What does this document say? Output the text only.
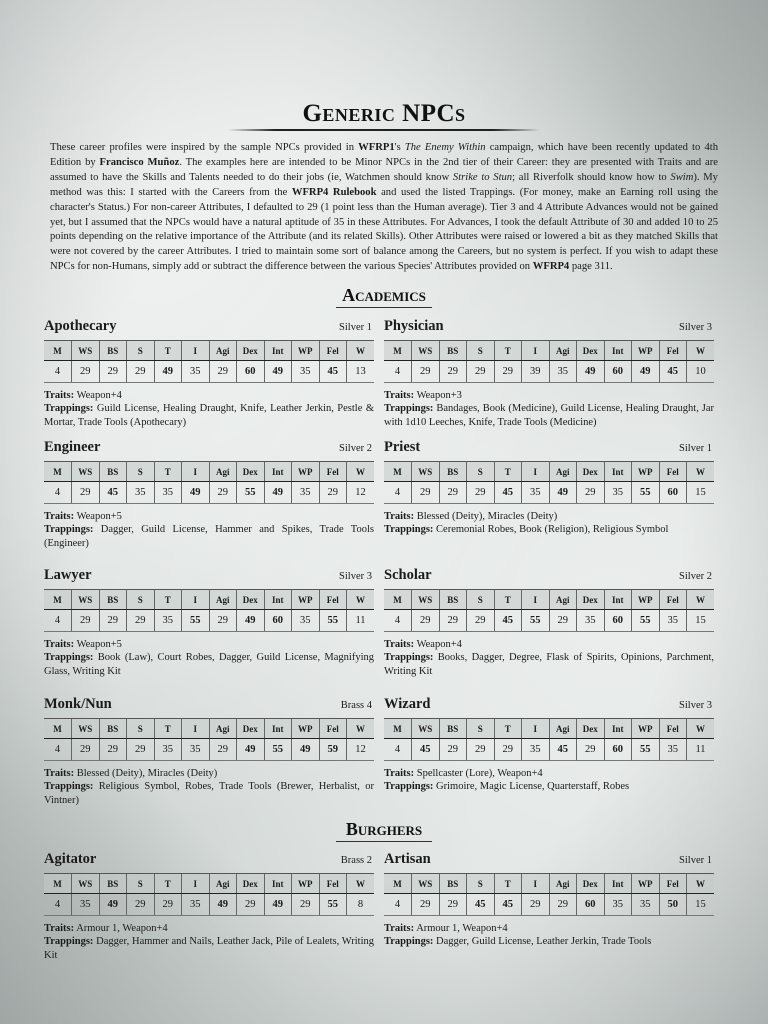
Generic NPCs
These career profiles were inspired by the sample NPCs provided in WFRP1's The Enemy Within campaign, which have been recently updated to 4th Edition by Francisco Muñoz. The examples here are intended to be Minor NPCs in the 2nd tier of their Career: they are presented with Traits and are assumed to have the Skills and Talents needed to do their jobs (ie, Watchmen should know Strike to Stun; all Riverfolk should know how to Swim). My method was this: I started with the Careers from the WFRP4 Rulebook and used the listed Trappings. (For money, make an Earning roll using the character's Status.) For non-career Attributes, I defaulted to 29 (1 point less than the Human average). Tier 3 and 4 Attribute Advances would not be gained yet, but I assumed that the NPCs would have a natural aptitude of 35 in these Attributes. For Advances, I took the default Attribute of 30 and added 10 to 25 points depending on the relative importance of the Attribute (and its related Skills). Other Attributes were raised or lowered a bit as they matched Skills that were not covered by the career Attributes. I tried to maintain some sort of balance among the Careers, but no system is perfect. If you wish to adapt these NPCs for non-Humans, simply add or subtract the difference between the various Species' Attributes provided on WFRP4 page 311.
Academics
Burghers
Apothecary	Silver 1
M	WS	BS	S	T	I	Agi	Dex	Int	WP	Fel	W
4	29	29	29	49	35	29	60	49	35	45	13
Traits: Weapon+4
Trappings: Guild License, Healing Draught, Knife, Leather Jerkin, Pestle & Mortar, Trade Tools (Apothecary)
Physician	Silver 3
M	WS	BS	S	T	I	Agi	Dex	Int	WP	Fel	W
4	29	29	29	29	39	35	49	60	49	45	10
Traits: Weapon+3
Trappings: Bandages, Book (Medicine), Guild License, Healing Draught, Jar with 1d10 Leeches, Knife, Trade Tools (Medicine)
Engineer	Silver 2
M	WS	BS	S	T	I	Agi	Dex	Int	WP	Fel	W
4	29	45	35	35	49	29	55	49	35	29	12
Traits: Weapon+5
Trappings: Dagger, Guild License, Hammer and Spikes, Trade Tools (Engineer)
Priest	Silver 1
M	WS	BS	S	T	I	Agi	Dex	Int	WP	Fel	W
4	29	29	29	45	35	49	29	35	55	60	15
Traits: Blessed (Deity), Miracles (Deity)
Trappings: Ceremonial Robes, Book (Religion), Religious Symbol
Lawyer	Silver 3
M	WS	BS	S	T	I	Agi	Dex	Int	WP	Fel	W
4	29	29	29	35	55	29	49	60	35	55	11
Traits: Weapon+5
Trappings: Book (Law), Court Robes, Dagger, Guild License, Magnifying Glass, Writing Kit
Scholar	Silver 2
M	WS	BS	S	T	I	Agi	Dex	Int	WP	Fel	W
4	29	29	29	45	55	29	35	60	55	35	15
Traits: Weapon+4
Trappings: Books, Dagger, Degree, Flask of Spirits, Opinions, Parchment, Writing Kit
Monk/Nun	Brass 4
M	WS	BS	S	T	I	Agi	Dex	Int	WP	Fel	W
4	29	29	29	35	35	29	49	55	49	59	12
Traits: Blessed (Deity), Miracles (Deity)
Trappings: Religious Symbol, Robes, Trade Tools (Brewer, Herbalist, or Vintner)
Wizard	Silver 3
M	WS	BS	S	T	I	Agi	Dex	Int	WP	Fel	W
4	45	29	29	29	35	45	29	60	55	35	11
Traits: Spellcaster (Lore), Weapon+4
Trappings: Grimoire, Magic License, Quarterstaff, Robes
Agitator	Brass 2
M	WS	BS	S	T	I	Agi	Dex	Int	WP	Fel	W
4	35	49	29	29	35	49	29	49	29	55	8
Traits: Armour 1, Weapon+4
Trappings: Dagger, Hammer and Nails, Leather Jack, Pile of Lealets, Writing Kit
Artisan	Silver 1
M	WS	BS	S	T	I	Agi	Dex	Int	WP	Fel	W
4	29	29	45	45	29	29	60	35	35	50	15
Traits: Armour 1, Weapon+4
Trappings: Dagger, Guild License, Leather Jerkin, Trade Tools
